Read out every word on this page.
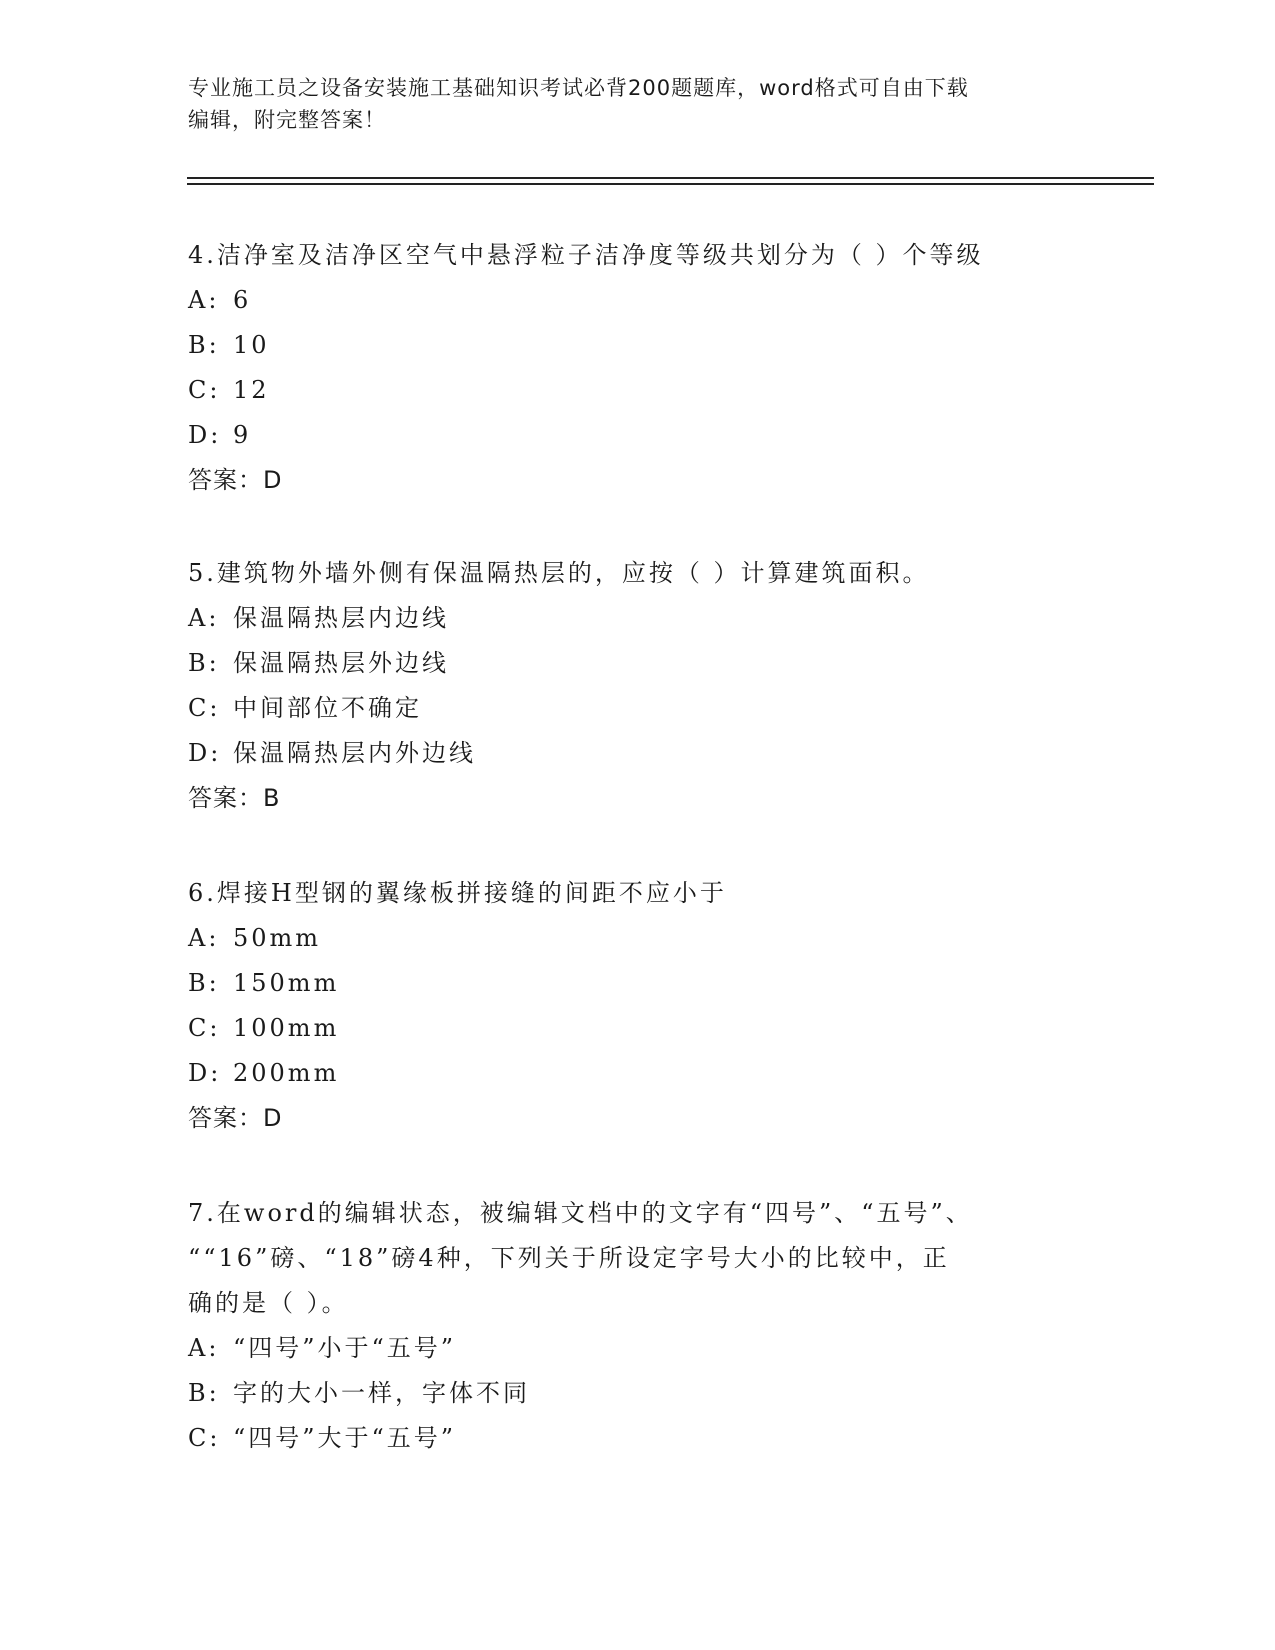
专业施工员之设备安装施工基础知识考试必背200题题库，word格式可自由下载
编辑，附完整答案！
4.洁净室及洁净区空气中悬浮粒子洁净度等级共划分为（ ）个等级
A: 6
B: 10
C: 12
D: 9
答案：D
5.建筑物外墙外侧有保温隔热层的，应按（ ）计算建筑面积。
A: 保温隔热层内边线
B: 保温隔热层外边线
C: 中间部位不确定
D: 保温隔热层内外边线
答案：B
6.焊接H型钢的翼缘板拼接缝的间距不应小于
A: 50mm
B: 150mm
C: 100mm
D: 200mm
答案：D
7.在word的编辑状态，被编辑文档中的文字有“四号”、“五号”、
““16”磅、“18”磅4种，下列关于所设定字号大小的比较中，正
确的是（ ）。
A: “四号”小于“五号”
B: 字的大小一样，字体不同
C: “四号”大于“五号”
